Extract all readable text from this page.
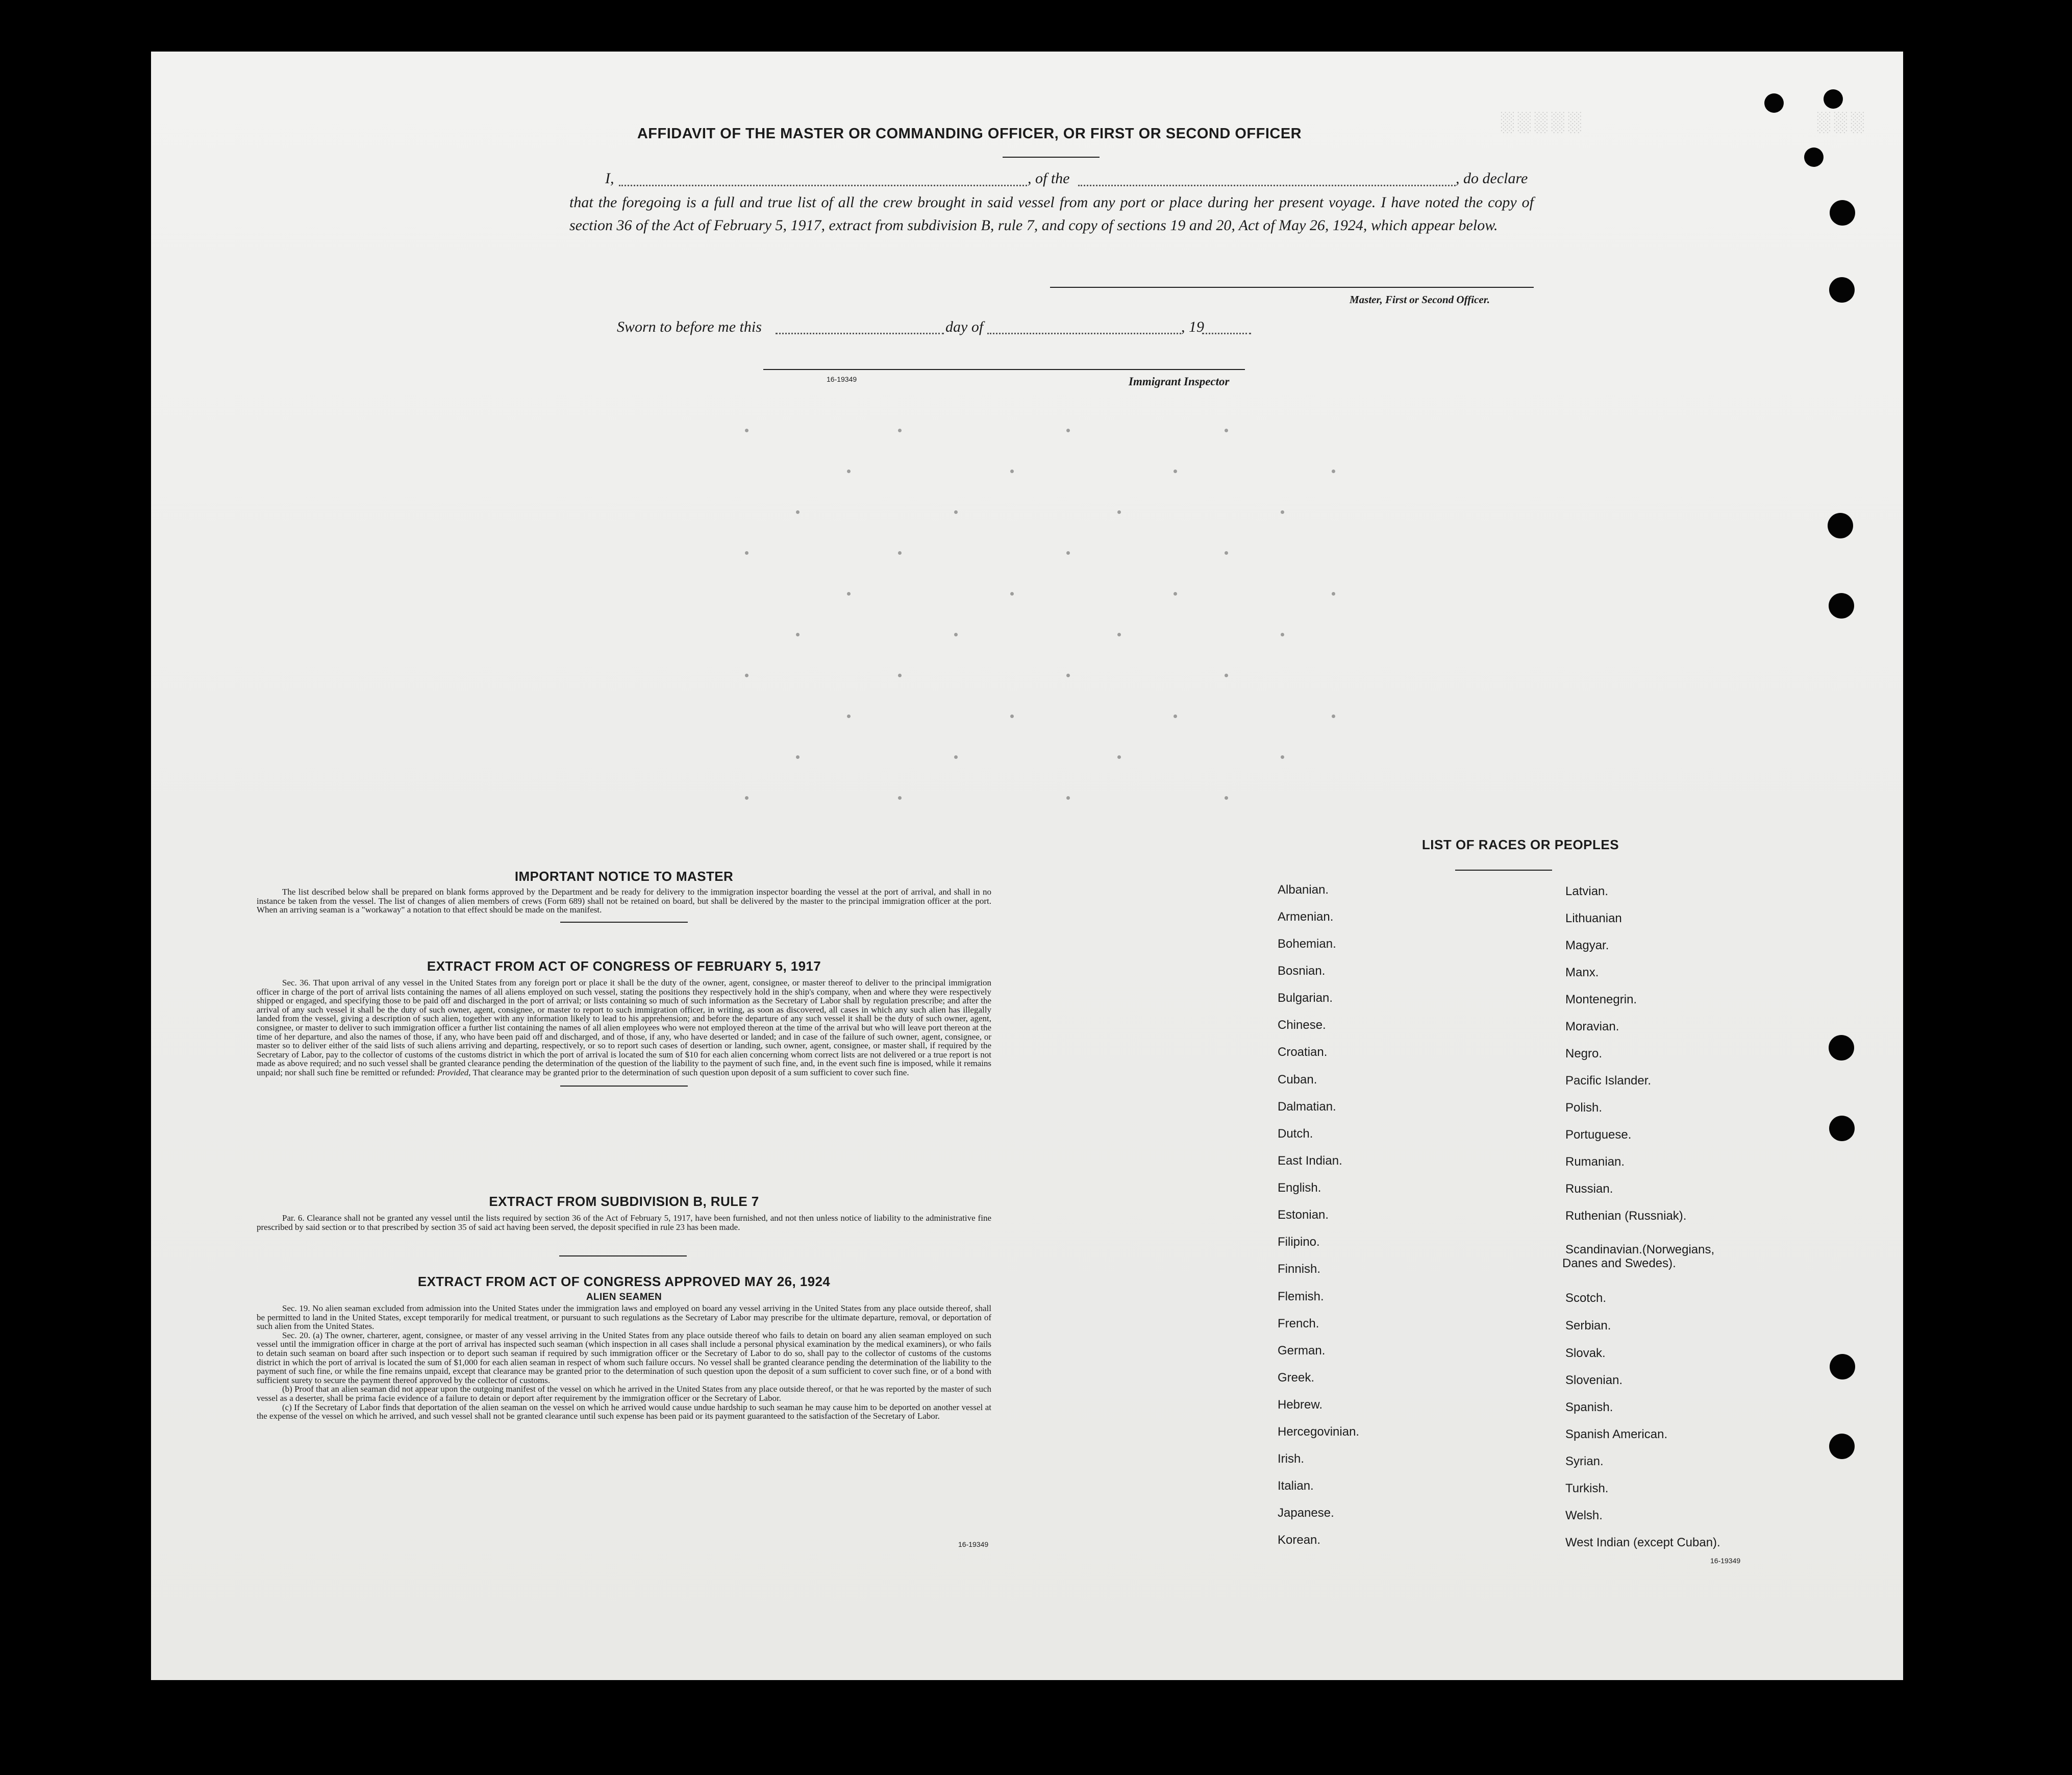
░░░░░	░░░
AFFIDAVIT OF THE MASTER OR COMMANDING OFFICER, OR FIRST OR SECOND OFFICER
I,	, of the	, do declare
that the foregoing is a full and true list of all the crew brought in said vessel from any port or place during her present voyage. I have noted the copy of section 36 of the Act of February 5, 1917, extract from subdivision B, rule 7, and copy of sections 19 and 20, Act of May 26, 1924, which appear below.
Master, First or Second Officer.
Sworn to before me this	day of	, 19
16-19349	Immigrant Inspector

IMPORTANT NOTICE TO MASTER

The list described below shall be prepared on blank forms approved by the Department and be ready for delivery to the immigration inspector boarding the vessel at the port of arrival, and shall in no instance be taken from the vessel. The list of changes of alien members of crews (Form 689) shall not be retained on board, but shall be delivered by the master to the principal immigration officer at the port. When an arriving seaman is a "workaway" a notation to that effect should be made on the manifest.

EXTRACT FROM ACT OF CONGRESS OF FEBRUARY 5, 1917

Sec. 36. That upon arrival of any vessel in the United States from any foreign port or place it shall be the duty of the owner, agent, consignee, or master thereof to deliver to the principal immigration officer in charge of the port of arrival lists containing the names of all aliens employed on such vessel, stating the positions they respectively hold in the ship's company, when and where they were respectively shipped or engaged, and specifying those to be paid off and discharged in the port of arrival; or lists containing so much of such information as the Secretary of Labor shall by regulation prescribe; and after the arrival of any such vessel it shall be the duty of such owner, agent, consignee, or master to report to such immigration officer, in writing, as soon as discovered, all cases in which any such alien has illegally landed from the vessel, giving a description of such alien, together with any information likely to lead to his apprehension; and before the departure of any such vessel it shall be the duty of such owner, agent, consignee, or master to deliver to such immigration officer a further list containing the names of all alien employees who were not employed thereon at the time of the arrival but who will leave port thereon at the time of her departure, and also the names of those, if any, who have been paid off and discharged, and of those, if any, who have deserted or landed; and in case of the failure of such owner, agent, consignee, or master so to deliver either of the said lists of such aliens arriving and departing, respectively, or so to report such cases of desertion or landing, such owner, agent, consignee, or master shall, if required by the Secretary of Labor, pay to the collector of customs of the customs district in which the port of arrival is located the sum of $10 for each alien concerning whom correct lists are not delivered or a true report is not made as above required; and no such vessel shall be granted clearance pending the determination of the question of the liability to the payment of such fine, and, in the event such fine is imposed, while it remains unpaid; nor shall such fine be remitted or refunded: Provided, That clearance may be granted prior to the determination of such question upon deposit of a sum sufficient to cover such fine.

EXTRACT FROM SUBDIVISION B, RULE 7

Par. 6. Clearance shall not be granted any vessel until the lists required by section 36 of the Act of February 5, 1917, have been furnished, and not then unless notice of liability to the administrative fine prescribed by said section or to that prescribed by section 35 of said act having been served, the deposit specified in rule 23 has been made.

EXTRACT FROM ACT OF CONGRESS APPROVED MAY 26, 1924

ALIEN SEAMEN

Sec. 19. No alien seaman excluded from admission into the United States under the immigration laws and employed on board any vessel arriving in the United States from any place outside thereof, shall be permitted to land in the United States, except temporarily for medical treatment, or pursuant to such regulations as the Secretary of Labor may prescribe for the ultimate departure, removal, or deportation of such alien from the United States.

Sec. 20. (a) The owner, charterer, agent, consignee, or master of any vessel arriving in the United States from any place outside thereof who fails to detain on board any alien seaman employed on such vessel until the immigration officer in charge at the port of arrival has inspected such seaman (which inspection in all cases shall include a personal physical examination by the medical examiners), or who fails to detain such seaman on board after such inspection or to deport such seaman if required by such immigration officer or the Secretary of Labor to do so, shall pay to the collector of customs of the customs district in which the port of arrival is located the sum of $1,000 for each alien seaman in respect of whom such failure occurs. No vessel shall be granted clearance pending the determination of the liability to the payment of such fine, or while the fine remains unpaid, except that clearance may be granted prior to the determination of such question upon the deposit of a sum sufficient to cover such fine, or of a bond with sufficient surety to secure the payment thereof approved by the collector of customs.

(b) Proof that an alien seaman did not appear upon the outgoing manifest of the vessel on which he arrived in the United States from any place outside thereof, or that he was reported by the master of such vessel as a deserter, shall be prima facie evidence of a failure to detain or deport after requirement by the immigration officer or the Secretary of Labor.

(c) If the Secretary of Labor finds that deportation of the alien seaman on the vessel on which he arrived would cause undue hardship to such seaman he may cause him to be deported on another vessel at the expense of the vessel on which he arrived, and such vessel shall not be granted clearance until such expense has been paid or its payment guaranteed to the satisfaction of the Secretary of Labor.

16-19349
LIST OF RACES OR PEOPLES
Albanian.
Armenian.
Bohemian.
Bosnian.
Bulgarian.
Chinese.
Croatian.
Cuban.
Dalmatian.
Dutch.
East Indian.
English.
Estonian.
Filipino.
Finnish.
Flemish.
French.
German.
Greek.
Hebrew.
Hercegovinian.
Irish.
Italian.
Japanese.
Korean.
Latvian.
Lithuanian
Magyar.
Manx.
Montenegrin.
Moravian.
Negro.
Pacific Islander.
Polish.
Portuguese.
Rumanian.
Russian.
Ruthenian (Russniak).
Scandinavian.(Norwegians,
Danes and Swedes).
Scotch.
Serbian.
Slovak.
Slovenian.
Spanish.
Spanish American.
Syrian.
Turkish.
Welsh.
West Indian (except Cuban).
16-19349
